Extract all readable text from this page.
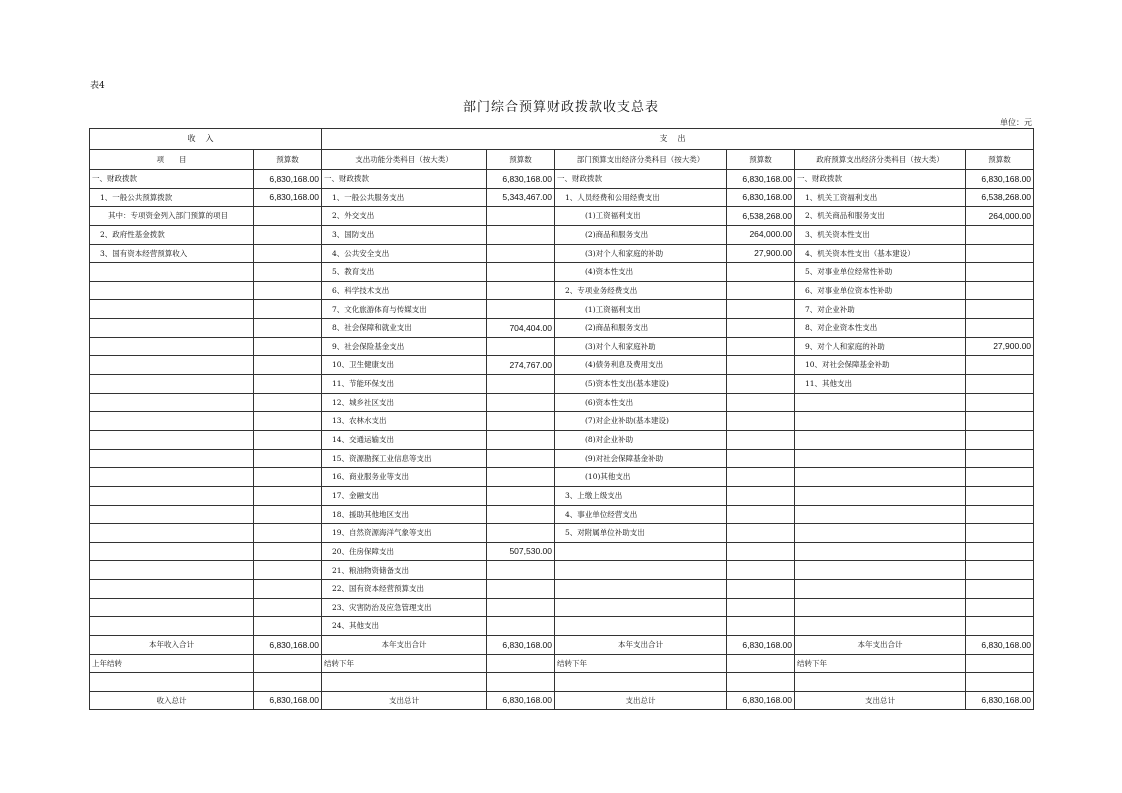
表4
部门综合预算财政拨款收支总表
单位：元
收入		支出					
项　　目	预算数	支出功能分类科目（按大类）	预算数	部门预算支出经济分类科目（按大类）	预算数	政府预算支出经济分类科目（按大类）	预算数
一、财政拨款	6,830,168.00	一、财政拨款	6,830,168.00	一、财政拨款	6,830,168.00	一、财政拨款	6,830,168.00
1、一般公共预算拨款	6,830,168.00	1、一般公共服务支出	5,343,467.00	1、人员经费和公用经费支出	6,830,168.00	1、机关工资福利支出	6,538,268.00
其中：专项资金列入部门预算的项目		2、外交支出		(1)工资福利支出	6,538,268.00	2、机关商品和服务支出	264,000.00
2、政府性基金拨款		3、国防支出		(2)商品和服务支出	264,000.00	3、机关资本性支出	
3、国有资本经营预算收入		4、公共安全支出		(3)对个人和家庭的补助	27,900.00	4、机关资本性支出（基本建设）	
		5、教育支出		(4)资本性支出		5、对事业单位经常性补助	
		6、科学技术支出		2、专项业务经费支出		6、对事业单位资本性补助	
		7、文化旅游体育与传媒支出		(1)工资福利支出		7、对企业补助	
		8、社会保障和就业支出	704,404.00	(2)商品和服务支出		8、对企业资本性支出	
		9、社会保险基金支出		(3)对个人和家庭补助		9、对个人和家庭的补助	27,900.00
		10、卫生健康支出	274,767.00	(4)债务利息及费用支出		10、对社会保障基金补助	
		11、节能环保支出		(5)资本性支出(基本建设)		11、其他支出	
		12、城乡社区支出		(6)资本性支出			
		13、农林水支出		(7)对企业补助(基本建设)			
		14、交通运输支出		(8)对企业补助			
		15、资源勘探工业信息等支出		(9)对社会保障基金补助			
		16、商业服务业等支出		(10)其他支出			
		17、金融支出		3、上缴上级支出			
		18、援助其他地区支出		4、事业单位经营支出			
		19、自然资源海洋气象等支出		5、对附属单位补助支出			
		20、住房保障支出	507,530.00				
		21、粮油物资储备支出					
		22、国有资本经营预算支出					
		23、灾害防治及应急管理支出					
		24、其他支出					
本年收入合计	6,830,168.00	本年支出合计	6,830,168.00	本年支出合计	6,830,168.00	本年支出合计	6,830,168.00
上年结转		结转下年		结转下年		结转下年	

收入总计	6,830,168.00	支出总计	6,830,168.00	支出总计	6,830,168.00	支出总计	6,830,168.00
